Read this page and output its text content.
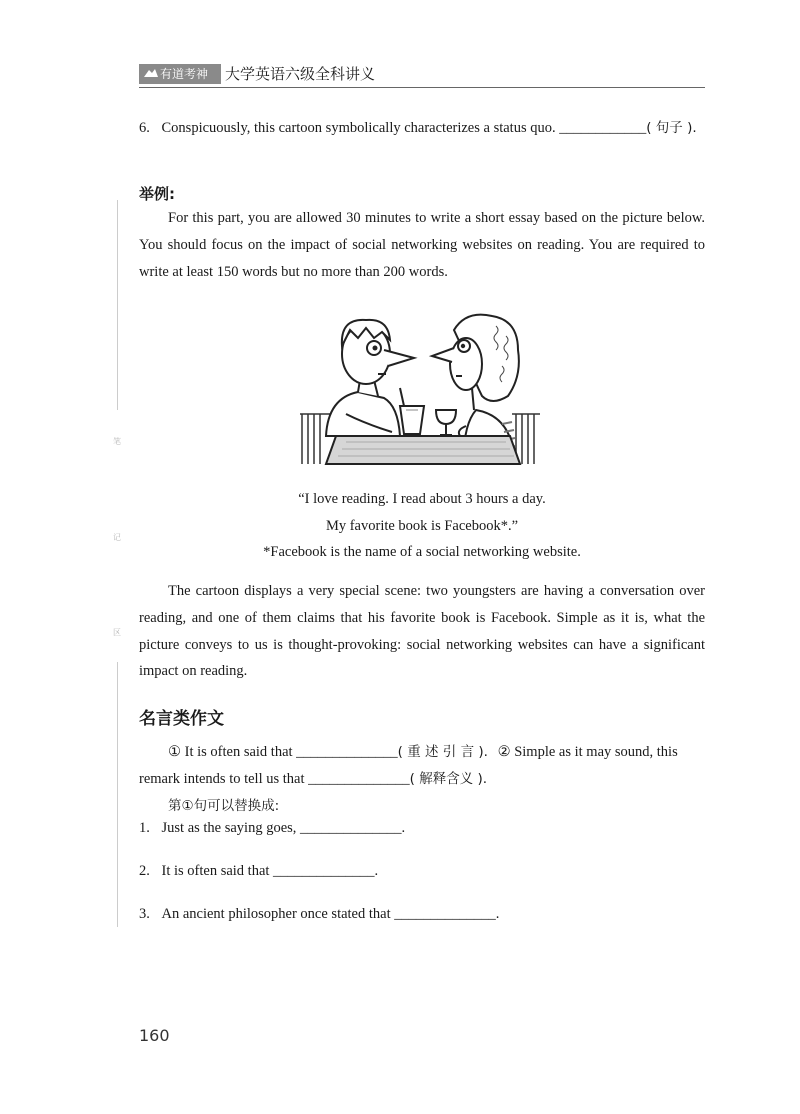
有道考神	大学英语六级全科讲义
笔
记
区
6. Conspicuously, this cartoon symbolically characterizes a status quo. ____________( 句子 ).
举例:
For this part, you are allowed 30 minutes to write a short essay based on the picture below.
You should focus on the impact of social networking websites on reading. You are required to
write at least 150 words but no more than 200 words.
“I love reading. I read about 3 hours a day.
My favorite book is Facebook*.”
*Facebook is the name of a social networking website.
The cartoon displays a very special scene: two youngsters are having a conversation over
reading, and one of them claims that his favorite book is Facebook. Simple as it is, what the
picture conveys to us is thought-provoking: social networking websites can have a significant
impact on reading.
名言类作文
① It is often said that ______________( 重 述 引 言 ). ② Simple as it may sound, this
remark intends to tell us that ______________( 解释含义 ).
第①句可以替换成:
1. Just as the saying goes, ______________.
2. It is often said that ______________.
3. An ancient philosopher once stated that ______________.
160
